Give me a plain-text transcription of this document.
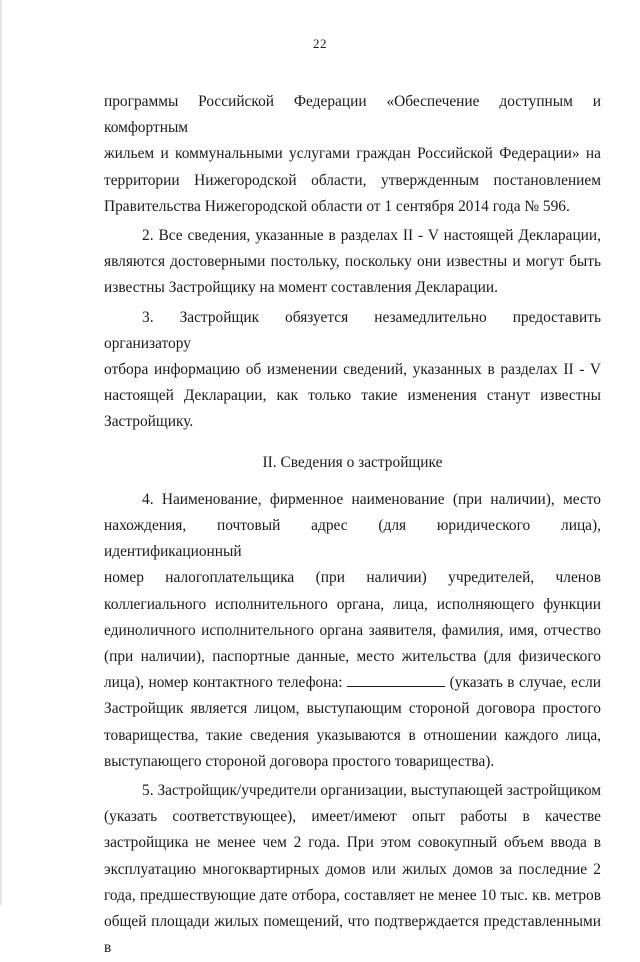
22

программы Российской Федерации «Обеспечение доступным и комфортным
жильем и коммунальными услугами граждан Российской Федерации» на
территории Нижегородской области, утвержденным постановлением
Правительства Нижегородской области от 1 сентября 2014 года № 596.

2. Все сведения, указанные в разделах II - V настоящей Декларации,
являются достоверными постольку, поскольку они известны и могут быть
известны Застройщику на момент составления Декларации.

3. Застройщик обязуется незамедлительно предоставить организатору
отбора информацию об изменении сведений, указанных в разделах II - V
настоящей Декларации, как только такие изменения станут известны
Застройщику.

II. Сведения о застройщике

4. Наименование, фирменное наименование (при наличии), место
нахождения, почтовый адрес (для юридического лица), идентификационный
номер налогоплательщика (при наличии) учредителей, членов
коллегиального исполнительного органа, лица, исполняющего функции
единоличного исполнительного органа заявителя, фамилия, имя, отчество
(при наличии), паспортные данные, место жительства (для физического
лица), номер контактного телефона:	(указать в случае, если
Застройщик является лицом, выступающим стороной договора простого
товарищества, такие сведения указываются в отношении каждого лица,
выступающего стороной договора простого товарищества).

5. Застройщик/учредители организации, выступающей застройщиком
(указать соответствующее), имеет/имеют опыт работы в качестве
застройщика не менее чем 2 года. При этом совокупный объем ввода в
эксплуатацию многоквартирных домов или жилых домов за последние 2
года, предшествующие дате отбора, составляет не менее 10 тыс. кв. метров
общей площади жилых помещений, что подтверждается представленными в
